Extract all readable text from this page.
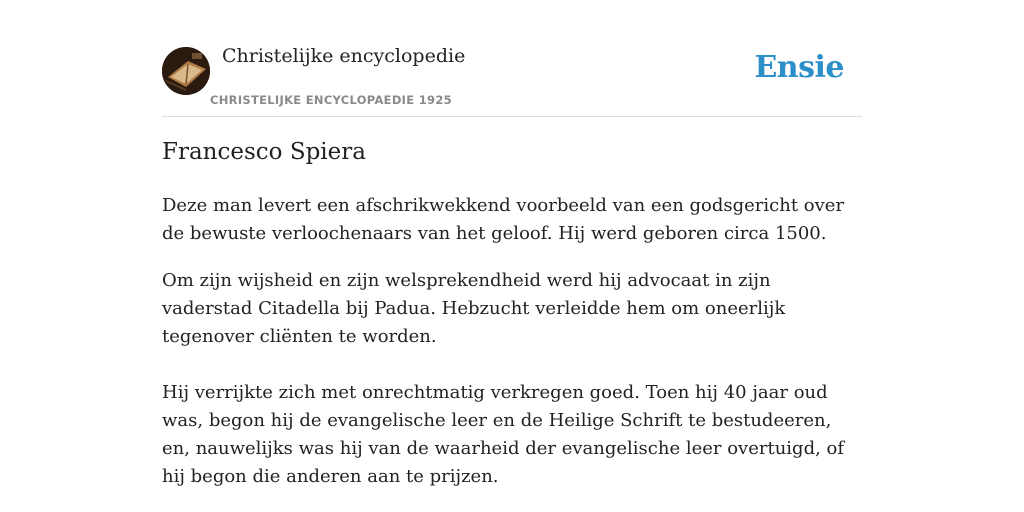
Christelijke encyclopedie
CHRISTELIJKE ENCYCLOPAEDIE 1925
Ensie
Francesco Spiera

Deze man levert een afschrikwekkend voorbeeld van een godsgericht over de bewuste verloochenaars van het geloof. Hij werd geboren circa 1500.

Om zijn wijsheid en zijn welsprekendheid werd hij advocaat in zijn vaderstad Citadella bij Padua. Hebzucht verleidde hem om oneerlijk tegenover cliënten te worden.

Hij verrijkte zich met onrechtmatig verkregen goed. Toen hij 40 jaar oud was, begon hij de evangelische leer en de Heilige Schrift te bestudeeren, en, nauwelijks was hij van de waarheid der evangelische leer overtuigd, of hij begon die anderen aan te prijzen.
